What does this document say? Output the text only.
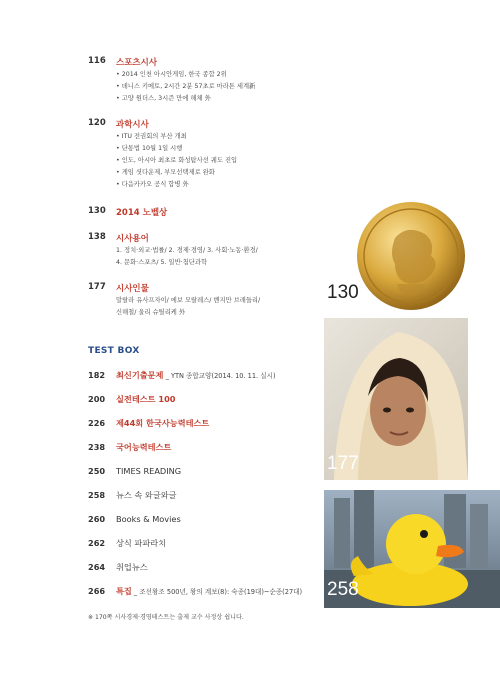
116 스포츠시사
• 2014 인천 아시안게임, 한국 종합 2위
• 데니스 키메토, 2시간 2분 57초로 마라톤 세계新
• 고양 원더스, 3시즌 만에 해체 外
120 과학시사
• ITU 전권회의 부산 개최
• 단통법 10월 1일 시행
• 인도, 아시아 최초로 화성탐사선 궤도 진입
• 게임 셧다운제, 부모선택제로 완화
• 다음카카오 공식 합병 外
130 2014 노벨상
138 시사용어
1. 정치·외교·법률/ 2. 경제·경영/ 3. 사회·노동·환경/
4. 문화·스포츠/ 5. 일반·첨단과학
177 시사인물
말랄라 유사프자이/ 에보 모랄레스/ 벤지만 브래들리/
신해철/ 울리 슈틸리케 外
TEST BOX
182 최신기출문제 _ YTN 종합교양(2014. 10. 11. 실시)
200 실전테스트 100
226 제44회 한국사능력테스트
238 국어능력테스트
250 TIMES READING
258 뉴스 속 와글와글
260 Books & Movies
262 상식 파파라치
264 취업뉴스
266 특집 _ 조선왕조 500년, 왕의 계보(8): 숙종(19대)~순종(27대)
※ 170쪽 시사경제·경영테스트는 출제 교수 사정상 쉽니다.
130
177
258
